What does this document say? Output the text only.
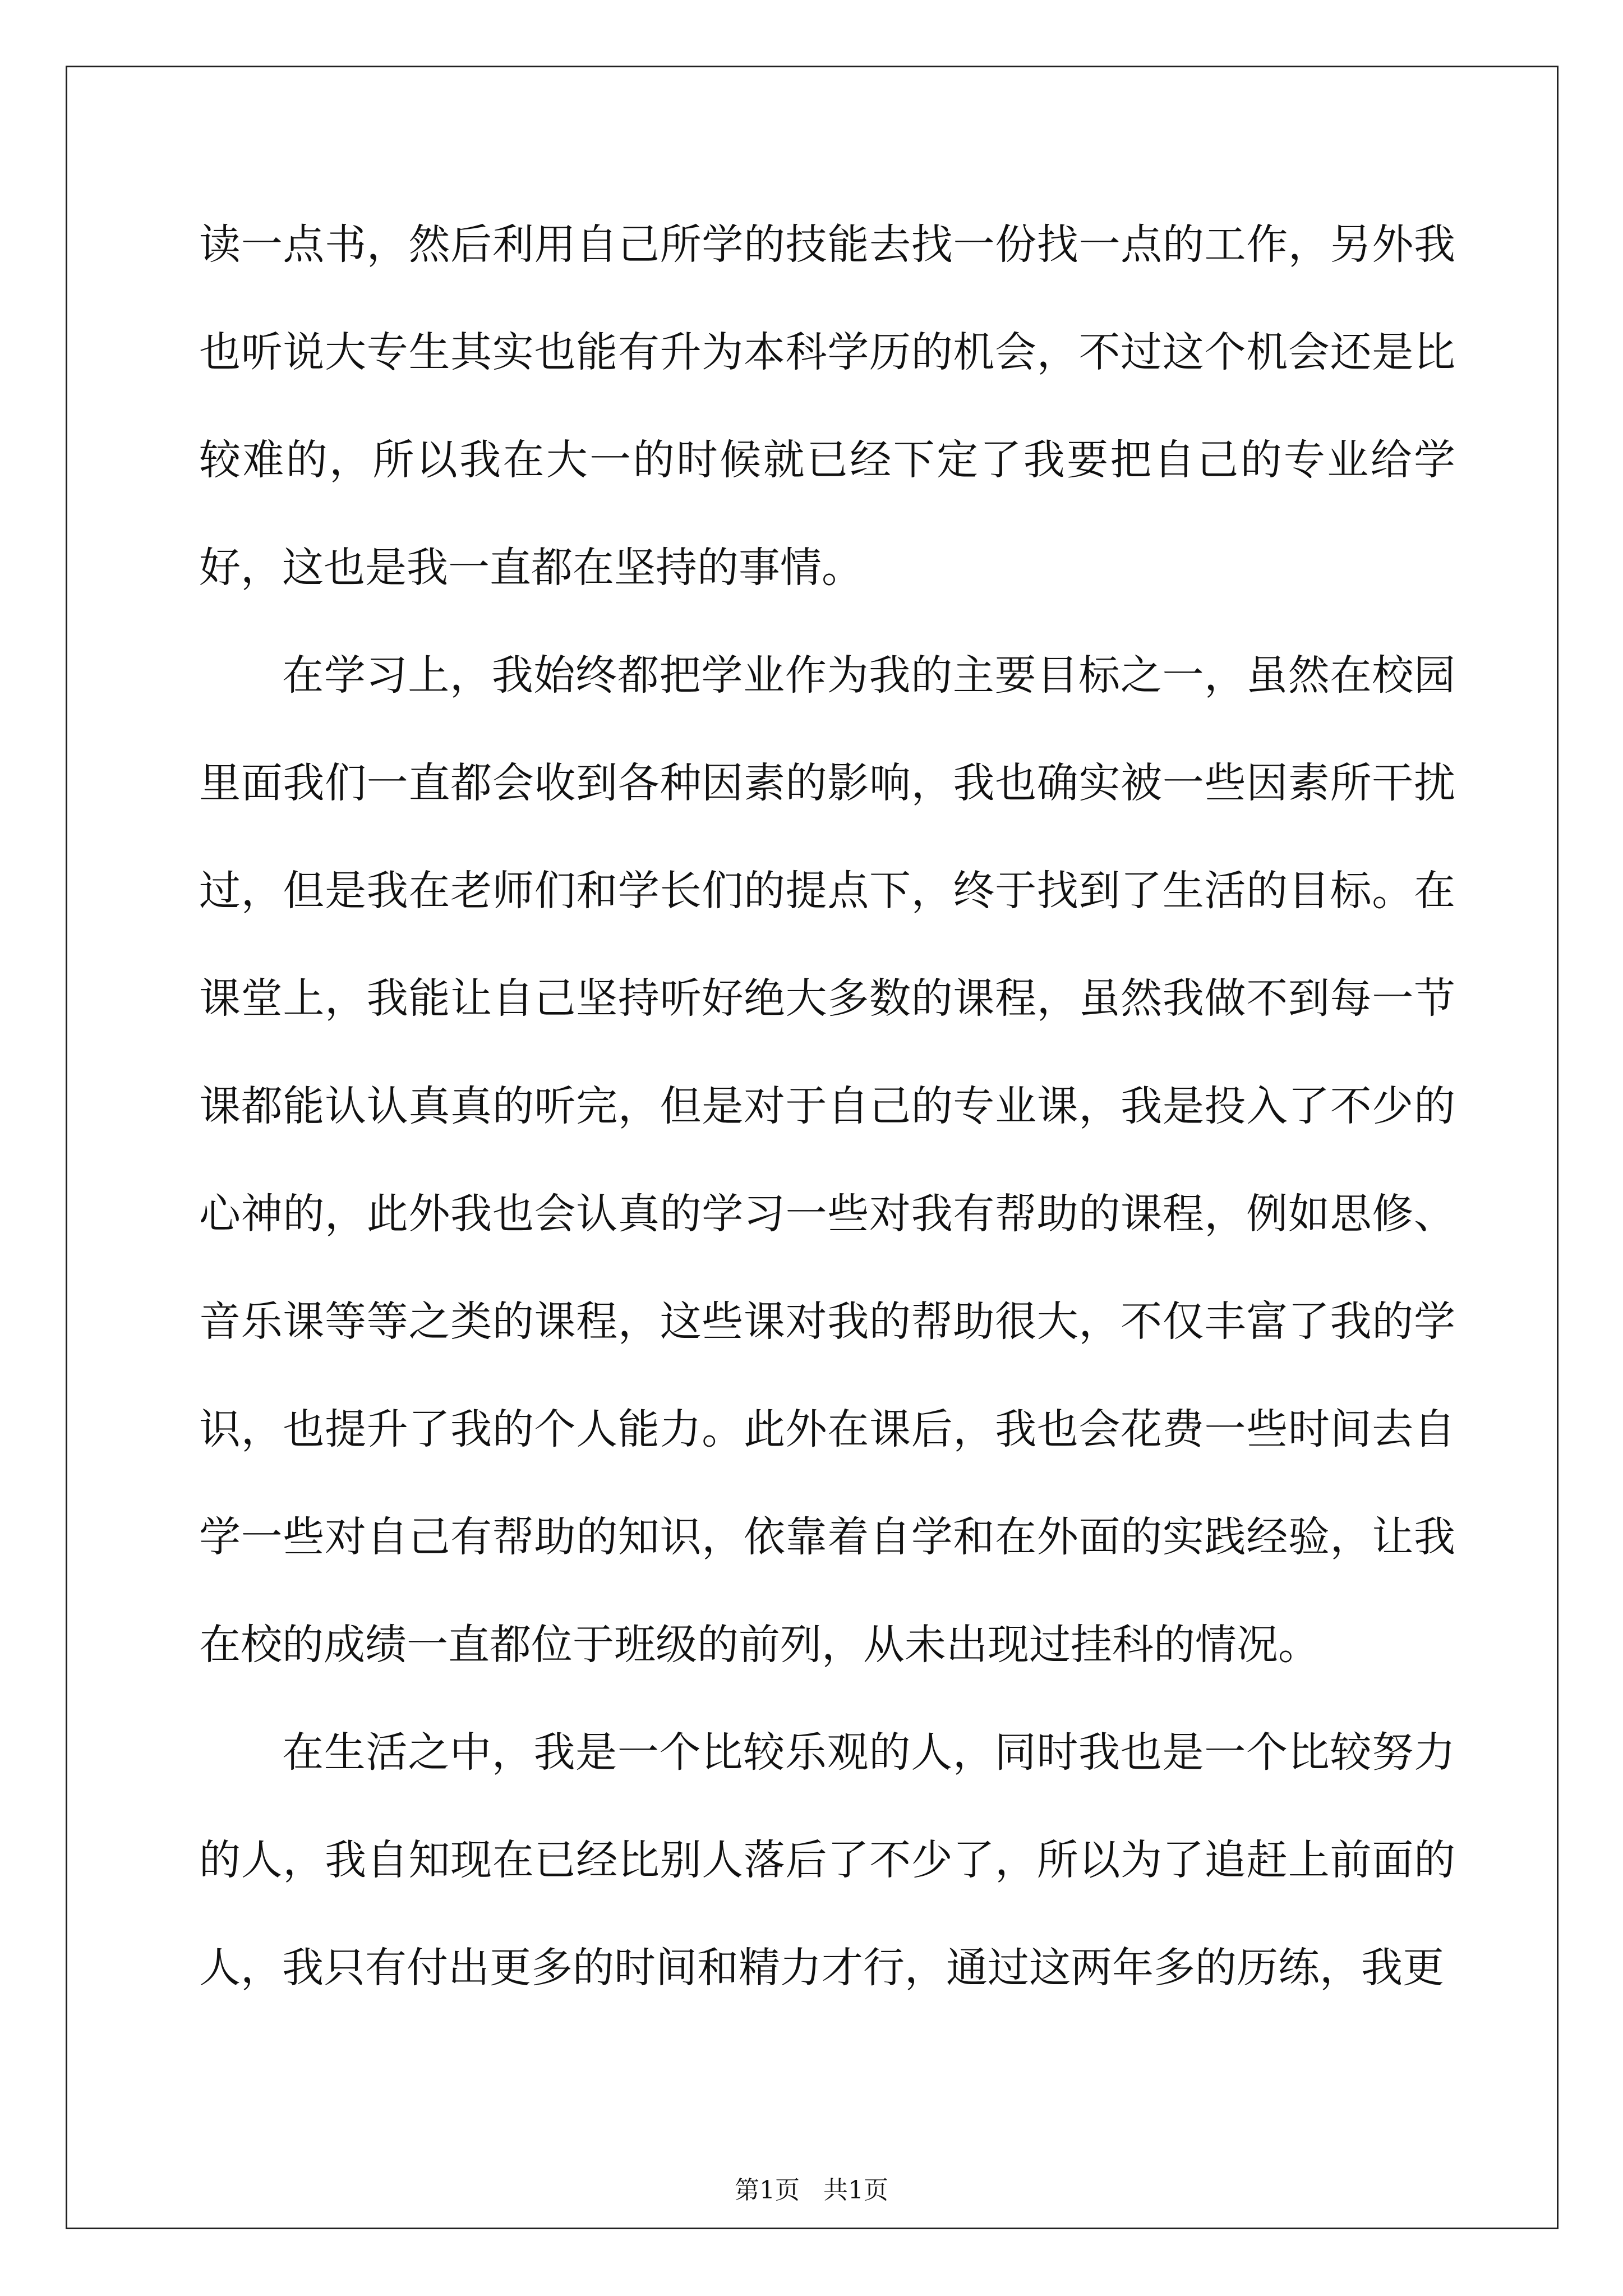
读一点书，然后利用自己所学的技能去找一份找一点的工作，另外我也听说大专生其实也能有升为本科学历的机会，不过这个机会还是比较难的，所以我在大一的时候就已经下定了我要把自己的专业给学好，这也是我一直都在坚持的事情。

在学习上，我始终都把学业作为我的主要目标之一，虽然在校园里面我们一直都会收到各种因素的影响，我也确实被一些因素所干扰过，但是我在老师们和学长们的提点下，终于找到了生活的目标。在课堂上，我能让自己坚持听好绝大多数的课程，虽然我做不到每一节课都能认认真真的听完，但是对于自己的专业课，我是投入了不少的心神的，此外我也会认真的学习一些对我有帮助的课程，例如思修、音乐课等等之类的课程，这些课对我的帮助很大，不仅丰富了我的学识，也提升了我的个人能力。此外在课后，我也会花费一些时间去自学一些对自己有帮助的知识，依靠着自学和在外面的实践经验，让我在校的成绩一直都位于班级的前列，从未出现过挂科的情况。

在生活之中，我是一个比较乐观的人，同时我也是一个比较努力的人，我自知现在已经比别人落后了不少了，所以为了追赶上前面的人，我只有付出更多的时间和精力才行，通过这两年多的历练，我更

第1页 共1页
